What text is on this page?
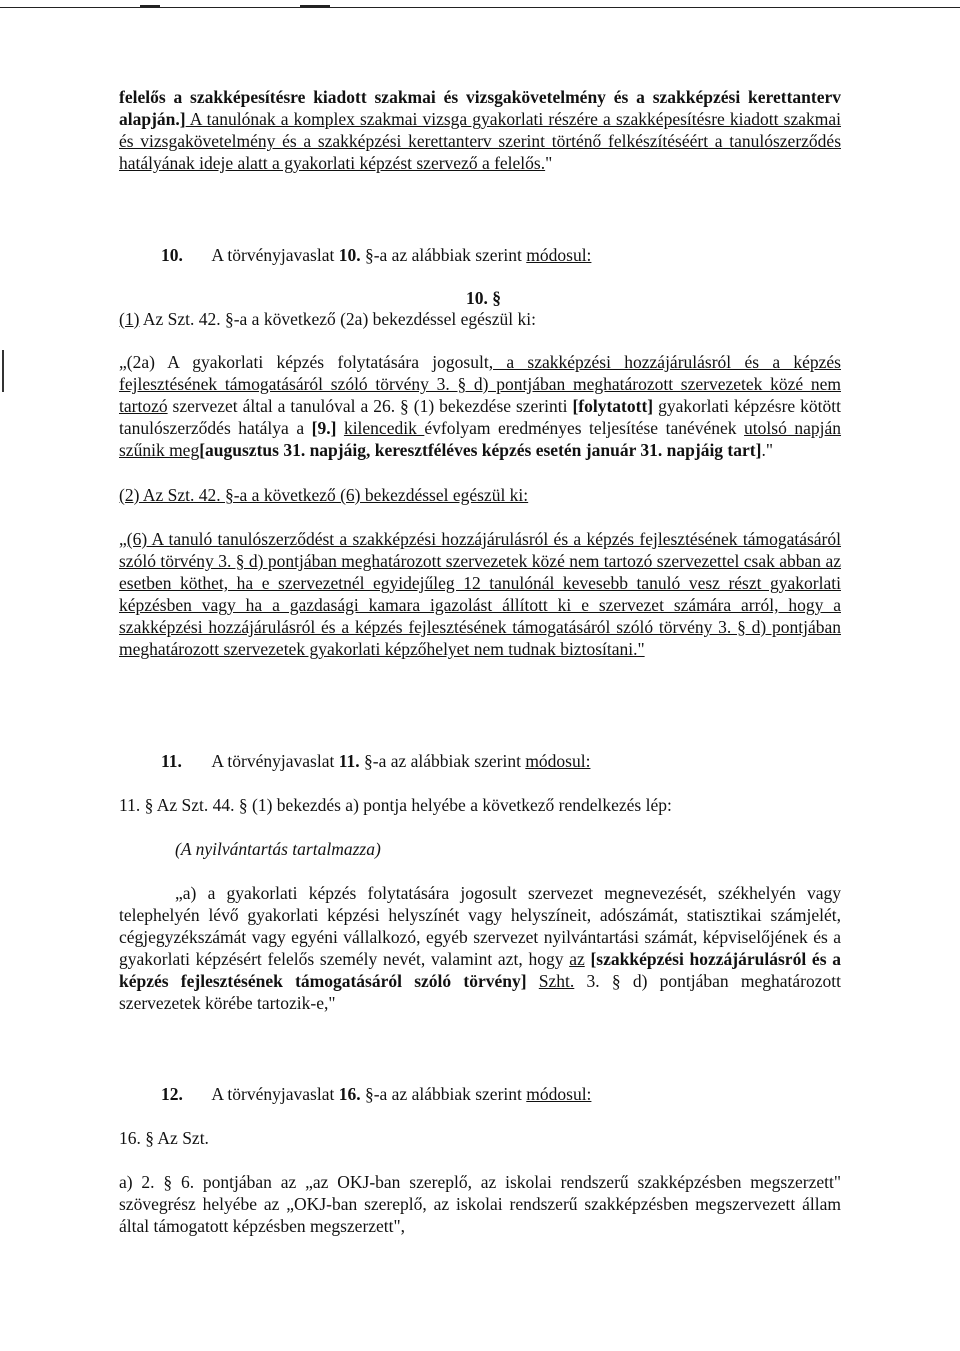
felelős a szakképesítésre kiadott szakmai és vizsgakövetelmény és a szakképzési kerettanterv alapján.] A tanulónak a komplex szakmai vizsga gyakorlati részére a szakképesítésre kiadott szakmai és vizsgakövetelmény és a szakképzési kerettanterv szerint történő felkészítéséért a tanulószerződés hatályának ideje alatt a gyakorlati képzést szervező a felelős."

10. A törvényjavaslat 10. §-a az alábbiak szerint módosul:
10. §
(1) Az Szt. 42. §-a a következő (2a) bekezdéssel egészül ki:

„(2a) A gyakorlati képzés folytatására jogosult, a szakképzési hozzájárulásról és a képzés fejlesztésének támogatásáról szóló törvény 3. § d) pontjában meghatározott szervezetek közé nem tartozó szervezet által a tanulóval a 26. § (1) bekezdése szerinti [folytatott] gyakorlati képzésre kötött tanulószerződés hatálya a [9.] kilencedik évfolyam eredményes teljesítése tanévének utolsó napján szűnik meg[augusztus 31. napjáig, keresztféléves képzés esetén január 31. napjáig tart]."

(2) Az Szt. 42. §-a a következő (6) bekezdéssel egészül ki:
„(6) A tanuló tanulószerződést a szakképzési hozzájárulásról és a képzés fejlesztésének támogatásáról szóló törvény 3. § d) pontjában meghatározott szervezetek közé nem tartozó szervezettel csak abban az esetben köthet, ha e szervezetnél egyidejűleg 12 tanulónál kevesebb tanuló vesz részt gyakorlati képzésben vagy ha a gazdasági kamara igazolást állított ki e szervezet számára arról, hogy a szakképzési hozzájárulásról és a képzés fejlesztésének támogatásáról szóló törvény 3. § d) pontjában meghatározott szervezetek gyakorlati képzőhelyet nem tudnak biztosítani."
11. A törvényjavaslat 11. §-a az alábbiak szerint módosul:
11. § Az Szt. 44. § (1) bekezdés a) pontja helyébe a következő rendelkezés lép:
(A nyilvántartás tartalmazza)

„a) a gyakorlati képzés folytatására jogosult szervezet megnevezését, székhelyén vagy telephelyén lévő gyakorlati képzési helyszínét vagy helyszíneit, adószámát, statisztikai számjelét, cégjegyzékszámát vagy egyéni vállalkozó, egyéb szervezet nyilvántartási számát, képviselőjének és a gyakorlati képzésért felelős személy nevét, valamint azt, hogy az [szakképzési hozzájárulásról és a képzés fejlesztésének támogatásáról szóló törvény] Szht. 3. § d) pontjában meghatározott szervezetek körébe tartozik-e,"

12. A törvényjavaslat 16. §-a az alábbiak szerint módosul:
16. § Az Szt.
a) 2. § 6. pontjában az „az OKJ-ban szereplő, az iskolai rendszerű szakképzésben megszerzett" szövegrész helyébe az „OKJ-ban szereplő, az iskolai rendszerű szakképzésben megszervezett állam által támogatott képzésben megszerzett",
